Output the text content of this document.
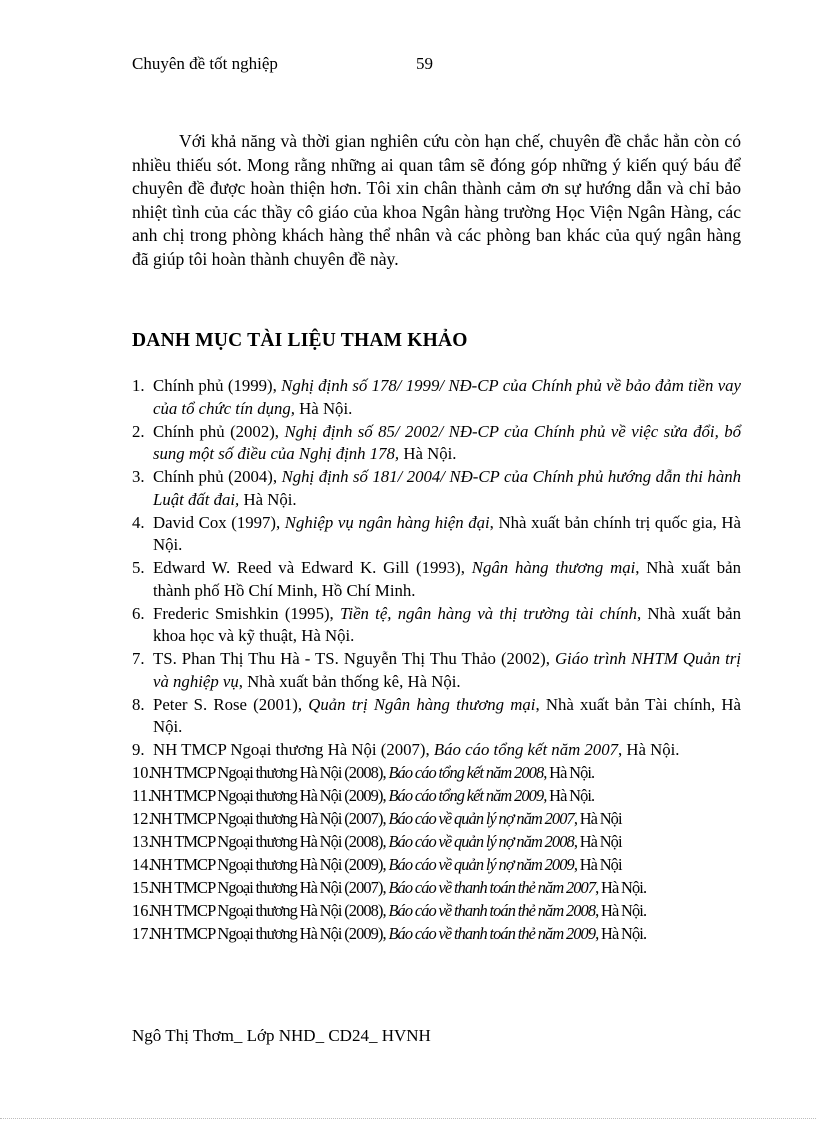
Chuyên đề tốt nghiệp	59

Với khả năng và thời gian nghiên cứu còn hạn chế, chuyên đề chắc hẳn còn có nhiều thiếu sót. Mong rằng những ai quan tâm sẽ đóng góp những ý kiến quý báu để chuyên đề được hoàn thiện hơn. Tôi xin chân thành cảm ơn sự hướng dẫn và chỉ bảo nhiệt tình của các thầy cô giáo của khoa Ngân hàng trường Học Viện Ngân Hàng, các anh chị trong phòng khách hàng thể nhân và các phòng ban khác của quý ngân hàng đã giúp tôi hoàn thành chuyên đề này.

DANH MỤC TÀI LIỆU THAM KHẢO
1. Chính phủ (1999), Nghị định số 178/ 1999/ NĐ-CP của Chính phủ về bảo đảm tiền vay của tổ chức tín dụng, Hà Nội.
2. Chính phủ (2002), Nghị định số 85/ 2002/ NĐ-CP của Chính phủ về việc sửa đổi, bổ sung một số điều của Nghị định 178, Hà Nội.
3. Chính phủ (2004), Nghị định số 181/ 2004/ NĐ-CP của Chính phủ hướng dẫn thi hành Luật đất đai, Hà Nội.
4. David Cox (1997), Nghiệp vụ ngân hàng hiện đại, Nhà xuất bản chính trị quốc gia, Hà Nội.
5. Edward W. Reed và Edward K. Gill (1993), Ngân hàng thương mại, Nhà xuất bản thành phố Hồ Chí Minh, Hồ Chí Minh.
6. Frederic Smishkin (1995), Tiền tệ, ngân hàng và thị trường tài chính, Nhà xuất bản khoa học và kỹ thuật, Hà Nội.
7. TS. Phan Thị Thu Hà - TS. Nguyễn Thị Thu Thảo (2002), Giáo trình NHTM Quản trị và nghiệp vụ, Nhà xuất bản thống kê, Hà Nội.
8. Peter S. Rose (2001), Quản trị Ngân hàng thương mại, Nhà xuất bản Tài chính, Hà Nội.
9. NH TMCP Ngoại thương Hà Nội (2007), Báo cáo tổng kết năm 2007, Hà Nội.
10.
NH TMCP Ngoại thương Hà Nội (2008), Báo cáo tổng kết năm 2008, Hà Nội.
11.
NH TMCP Ngoại thương Hà Nội (2009), Báo cáo tổng kết năm 2009, Hà Nội.
12.
NH TMCP Ngoại thương Hà Nội (2007), Báo cáo về quản lý nợ năm 2007, Hà Nội
13.
NH TMCP Ngoại thương Hà Nội (2008), Báo cáo về quản lý nợ năm 2008, Hà Nội
14.
NH TMCP Ngoại thương Hà Nội (2009), Báo cáo về quản lý nợ năm 2009, Hà Nội
15.
NH TMCP Ngoại thương Hà Nội (2007), Báo cáo về thanh toán thẻ năm 2007, Hà Nội.
16.
NH TMCP Ngoại thương Hà Nội (2008), Báo cáo về thanh toán thẻ năm 2008, Hà Nội.
17.
NH TMCP Ngoại thương Hà Nội (2009), Báo cáo về thanh toán thẻ năm 2009, Hà Nội.
Ngô Thị Thơm_ Lớp NHD_ CD24_ HVNH
